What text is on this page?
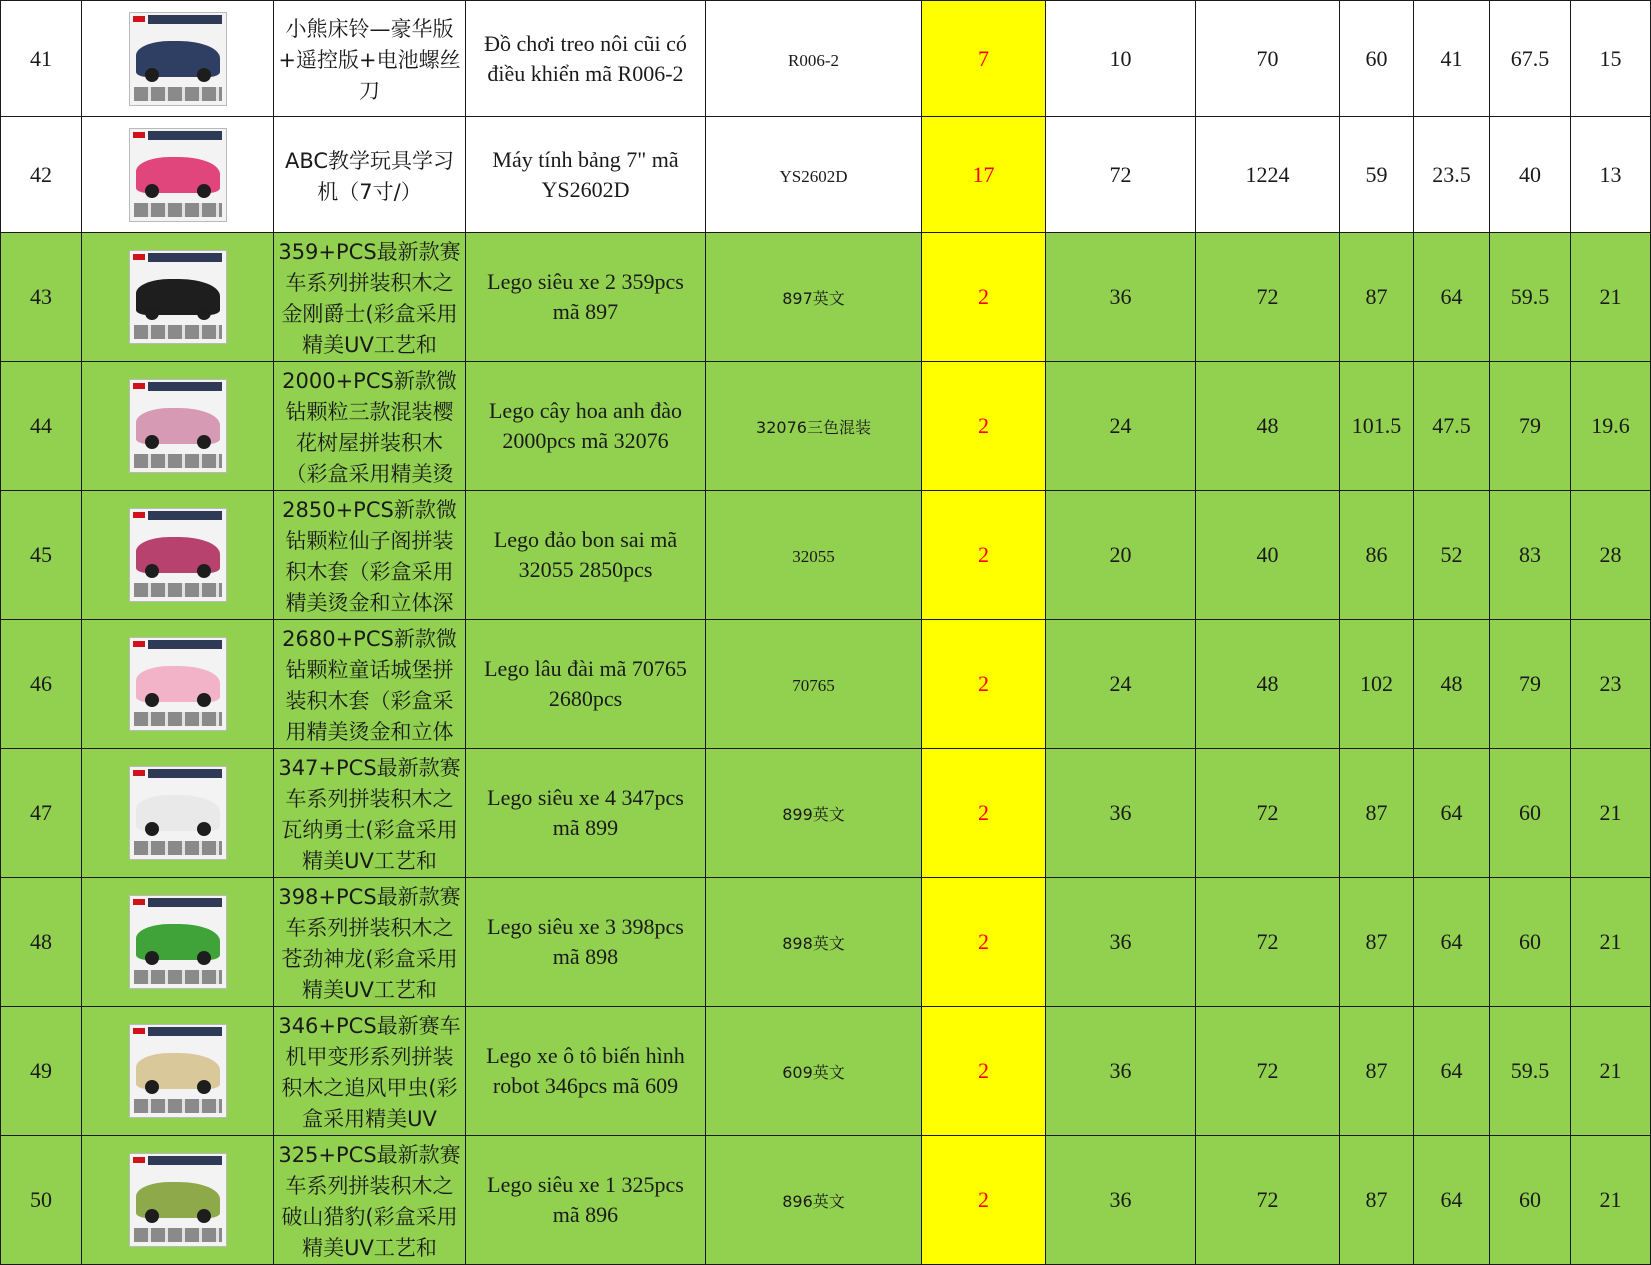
41		小熊床铃—豪华版+遥控版+电池螺丝刀	Đồ chơi treo nôi cũi có điều khiển mã R006-2	R006-2	7	10	70	60	41	67.5	15
42		ABC教学玩具学习机（7寸/）	Máy tính bảng 7" mã YS2602D	YS2602D	17	72	1224	59	23.5	40	13
43		359+PCS最新款赛车系列拼装积木之金刚爵士(彩盒采用精美UV工艺和	Lego siêu xe 2 359pcs mã 897	897英文	2	36	72	87	64	59.5	21
44		2000+PCS新款微钻颗粒三款混装樱花树屋拼装积木（彩盒采用精美烫	Lego cây hoa anh đào 2000pcs mã 32076	32076三色混装	2	24	48	101.5	47.5	79	19.6
45		2850+PCS新款微钻颗粒仙子阁拼装积木套（彩盒采用精美烫金和立体深	Lego đảo bon sai mã 32055 2850pcs	32055	2	20	40	86	52	83	28
46		2680+PCS新款微钻颗粒童话城堡拼装积木套（彩盒采用精美烫金和立体	Lego lâu đài mã 70765 2680pcs	70765	2	24	48	102	48	79	23
47		347+PCS最新款赛车系列拼装积木之瓦纳勇士(彩盒采用精美UV工艺和	Lego siêu xe 4 347pcs mã 899	899英文	2	36	72	87	64	60	21
48		398+PCS最新款赛车系列拼装积木之苍劲神龙(彩盒采用精美UV工艺和	Lego siêu xe 3 398pcs mã 898	898英文	2	36	72	87	64	60	21
49		346+PCS最新赛车机甲变形系列拼装积木之追风甲虫(彩盒采用精美UV	Lego xe ô tô biến hình robot 346pcs mã 609	609英文	2	36	72	87	64	59.5	21
50		325+PCS最新款赛车系列拼装积木之破山猎豹(彩盒采用精美UV工艺和	Lego siêu xe 1 325pcs mã 896	896英文	2	36	72	87	64	60	21
